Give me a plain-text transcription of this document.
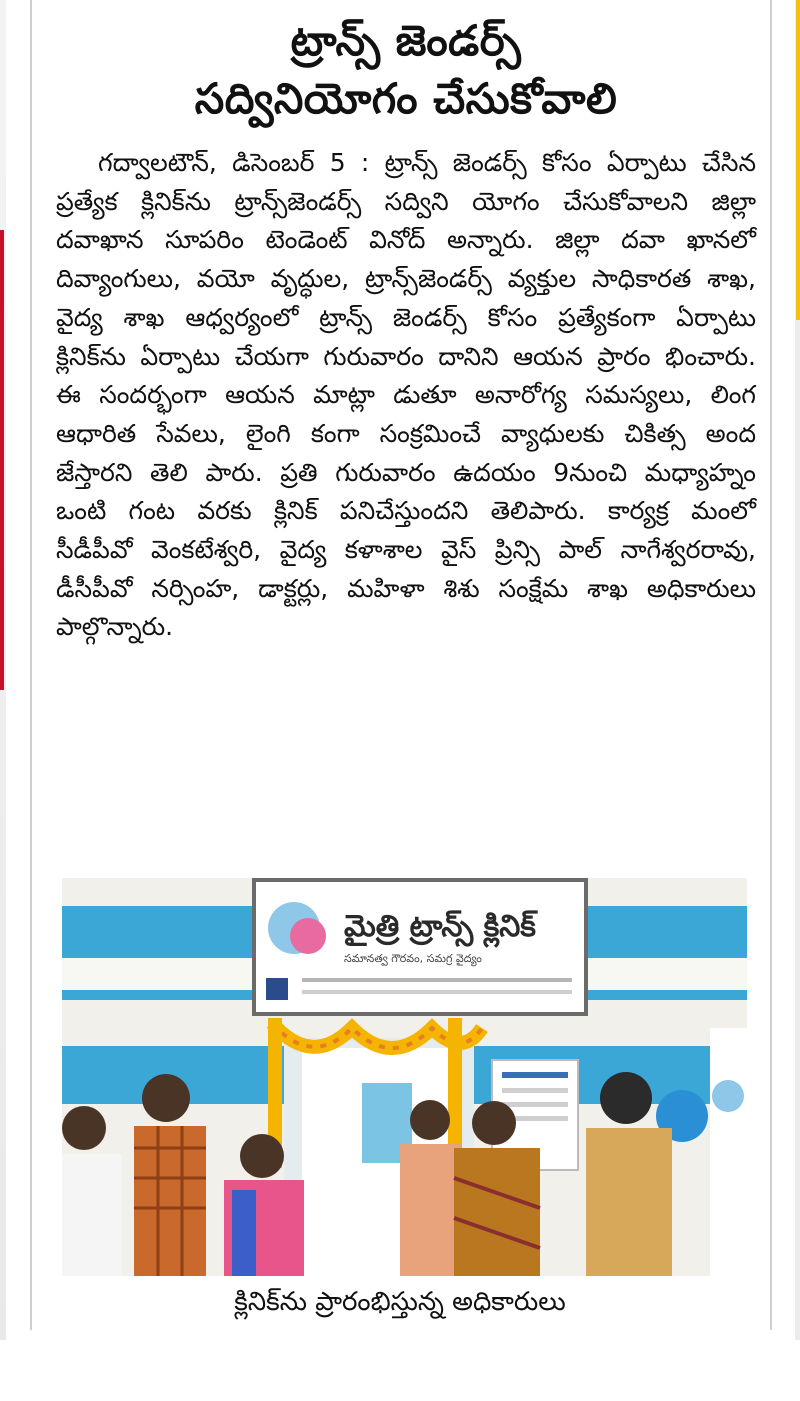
ట్రాన్స్ జెండర్స్
సద్వినియోగం చేసుకోవాలి

గద్వాలటౌన్, డిసెంబర్ 5 : ట్రాన్స్ జెండర్స్ కోసం ఏర్పాటు చేసిన ప్రత్యేక క్లినిక్‌ను ట్రాన్స్‌జెండర్స్ సద్విని యోగం చేసుకోవాలని జిల్లా దవాఖాన సూపరిం టెండెంట్ వినోద్ అన్నారు. జిల్లా దవా ఖానలో దివ్యాంగులు, వయో వృద్ధుల, ట్రాన్స్‌జెండర్స్ వ్యక్తుల సాధికారత శాఖ, వైద్య శాఖ ఆధ్వర్యంలో ట్రాన్స్ జెండర్స్ కోసం ప్రత్యేకంగా ఏర్పాటు క్లినిక్‌ను ఏర్పాటు చేయగా గురువారం దానిని ఆయన ప్రారం భించారు. ఈ సందర్భంగా ఆయన మాట్లా డుతూ అనారోగ్య సమస్యలు, లింగ ఆధారిత సేవలు, లైంగి కంగా సంక్రమించే వ్యాధులకు చికిత్స అంద జేస్తారని తెలి పారు. ప్రతి గురువారం ఉదయం 9నుంచి మధ్యాహ్నం ఒంటి గంట వరకు క్లినిక్ పనిచేస్తుందని తెలిపారు. కార్యక్ర మంలో సీడీపీవో వెంకటేశ్వరి, వైద్య కళాశాల వైస్ ప్రిన్సి పాల్ నాగేశ్వరరావు, డీసీపీవో నర్సింహ, డాక్టర్లు, మహిళా శిశు సంక్షేమ శాఖ అధికారులు పాల్గొన్నారు.

మైత్రి ట్రాన్స్ క్లినిక్
సమానత్వ గౌరవం, సమగ్ర వైద్యం
క్లినిక్‌ను ప్రారంభిస్తున్న అధికారులు
